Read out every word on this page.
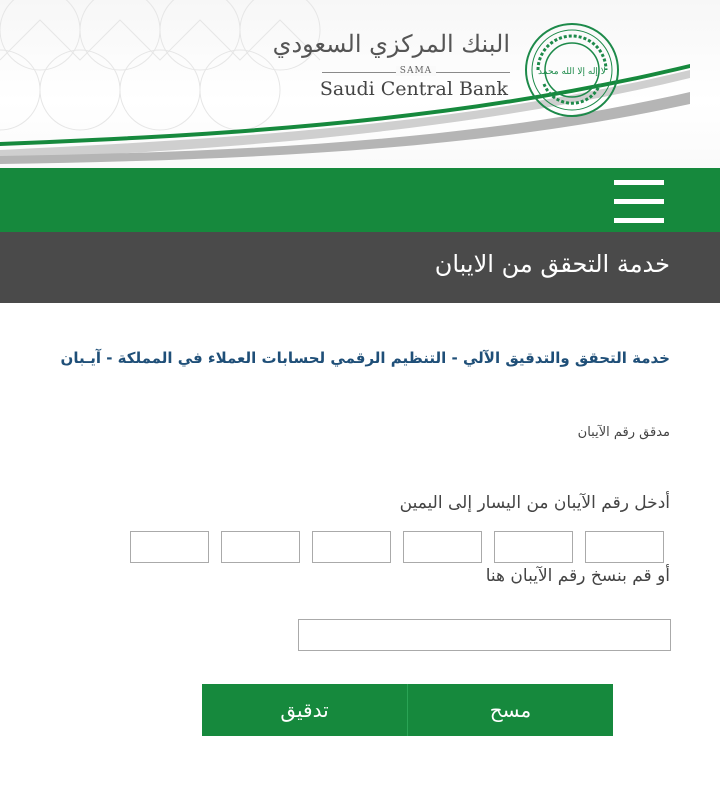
البنك المركزي السعودي
SAMA
Saudi Central Bank
لا إله إلا الله محمد
خدمة التحقق من الايبان
خدمة التحقق والتدقيق الآلي - التنظيم الرقمي لحسابات العملاء في المملكة - آيـبان
مدقق رقم الآيبان
أدخل رقم الآيبان من اليسار إلى اليمين
أو قم بنسخ رقم الآيبان هنا
تدقيق	مسح
